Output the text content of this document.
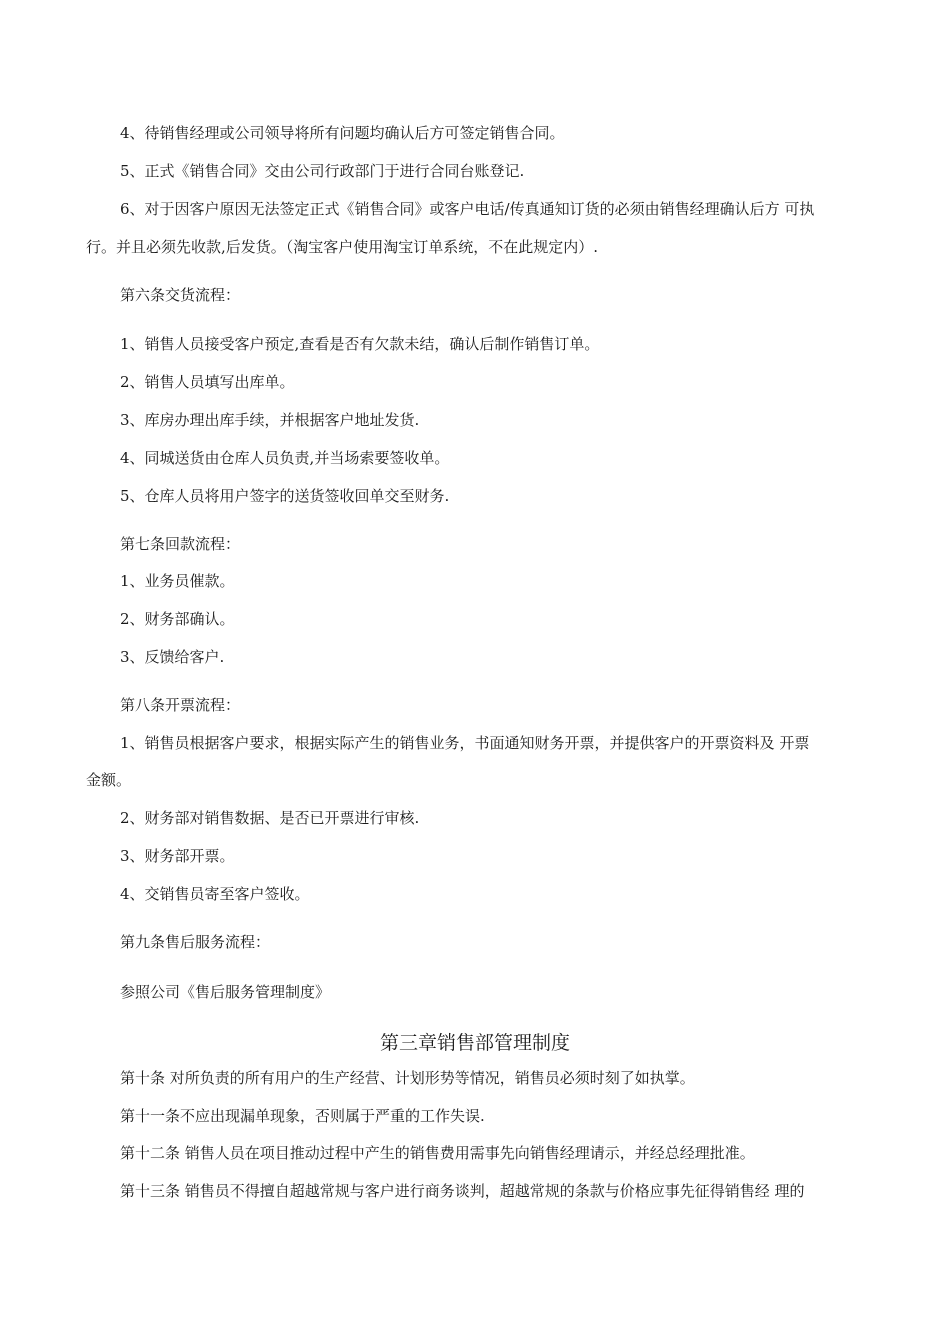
4、待销售经理或公司领导将所有问题均确认后方可签定销售合同。
5、正式《销售合同》交由公司行政部门于进行合同台账登记.
6、对于因客户原因无法签定正式《销售合同》或客户电话/传真通知订货的必须由销售经理确认后方 可执
行。并且必须先收款,后发货。（淘宝客户使用淘宝订单系统，不在此规定内）.
第六条交货流程：
1、销售人员接受客户预定,查看是否有欠款未结，确认后制作销售订单。
2、销售人员填写出库单。
3、库房办理出库手续，并根据客户地址发货.
4、同城送货由仓库人员负责,并当场索要签收单。
5、仓库人员将用户签字的送货签收回单交至财务.
第七条回款流程：
1、业务员催款。
2、财务部确认。
3、反馈给客户.
第八条开票流程：
1、销售员根据客户要求，根据实际产生的销售业务，书面通知财务开票，并提供客户的开票资料及 开票
金额。
2、财务部对销售数据、是否已开票进行审核.
3、财务部开票。
4、交销售员寄至客户签收。
第九条售后服务流程：
参照公司《售后服务管理制度》
第三章销售部管理制度
第十条 对所负责的所有用户的生产经营、计划形势等情况，销售员必须时刻了如执掌。
第十一条不应出现漏单现象，否则属于严重的工作失误.
第十二条 销售人员在项目推动过程中产生的销售费用需事先向销售经理请示，并经总经理批准。
第十三条 销售员不得擅自超越常规与客户进行商务谈判，超越常规的条款与价格应事先征得销售经 理的
